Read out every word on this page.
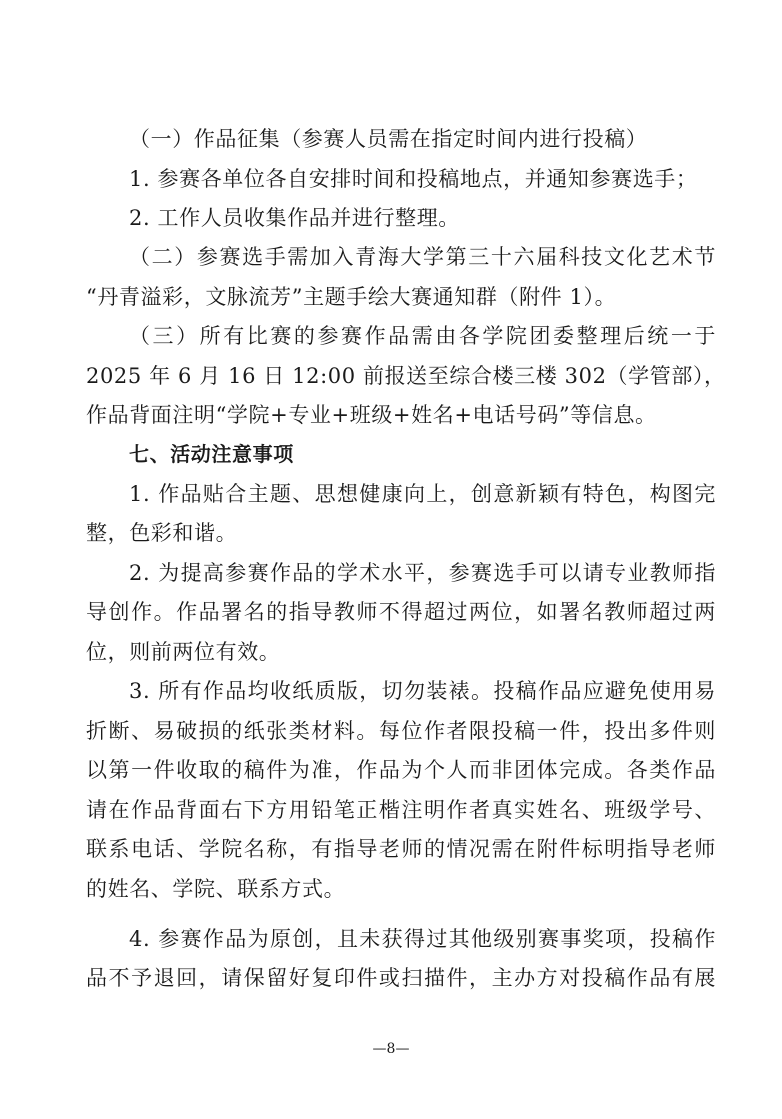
（一）作品征集（参赛人员需在指定时间内进行投稿）
1. 参赛各单位各自安排时间和投稿地点，并通知参赛选手；
2. 工作人员收集作品并进行整理。
（二）参赛选手需加入青海大学第三十六届科技文化艺术节
“丹青溢彩，文脉流芳”主题手绘大赛通知群（附件 1）。
（三）所有比赛的参赛作品需由各学院团委整理后统一于
2025 年 6 月 16 日 12:00 前报送至综合楼三楼 302（学管部），
作品背面注明“学院+专业+班级+姓名+电话号码”等信息。
七、活动注意事项
1. 作品贴合主题、思想健康向上，创意新颖有特色，构图完
整，色彩和谐。
2. 为提高参赛作品的学术水平，参赛选手可以请专业教师指
导创作。作品署名的指导教师不得超过两位，如署名教师超过两
位，则前两位有效。
3. 所有作品均收纸质版，切勿装裱。投稿作品应避免使用易
折断、易破损的纸张类材料。每位作者限投稿一件，投出多件则
以第一件收取的稿件为准，作品为个人而非团体完成。各类作品
请在作品背面右下方用铅笔正楷注明作者真实姓名、班级学号、
联系电话、学院名称，有指导老师的情况需在附件标明指导老师
的姓名、学院、联系方式。
4. 参赛作品为原创，且未获得过其他级别赛事奖项，投稿作
品不予退回，请保留好复印件或扫描件，主办方对投稿作品有展
—8—
